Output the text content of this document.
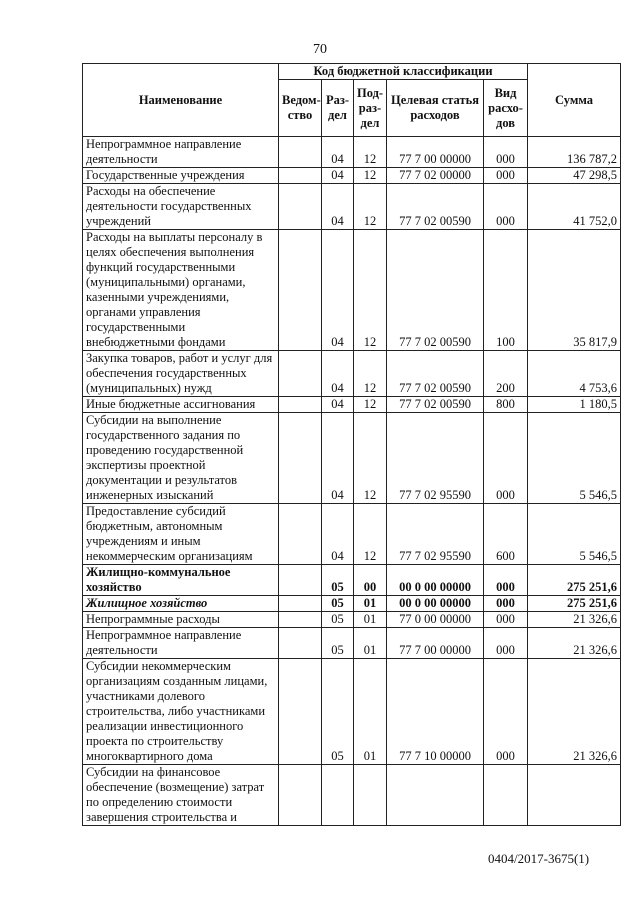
70
Наименование	Код бюджетной классификации					Сумма
	Ведом-ство	Раз-дел	Под-раз-дел	Целевая статья расходов	Вид расхо-дов	
Непрограммное направление деятельности		04	12	77 7 00 00000	000	136 787,2
Государственные учреждения		04	12	77 7 02 00000	000	47 298,5
Расходы на обеспечение деятельности государственных учреждений		04	12	77 7 02 00590	000	41 752,0
Расходы на выплаты персоналу в целях обеспечения выполнения функций государственными (муниципальными) органами, казенными учреждениями, органами управления государственными внебюджетными фондами		04	12	77 7 02 00590	100	35 817,9
Закупка товаров, работ и услуг для обеспечения государственных (муниципальных) нужд		04	12	77 7 02 00590	200	4 753,6
Иные бюджетные ассигнования		04	12	77 7 02 00590	800	1 180,5
Субсидии на выполнение государственного задания по проведению государственной экспертизы проектной документации и результатов инженерных изысканий		04	12	77 7 02 95590	000	5 546,5
Предоставление субсидий бюджетным, автономным учреждениям и иным некоммерческим организациям		04	12	77 7 02 95590	600	5 546,5
Жилищно-коммунальное хозяйство		05	00	00 0 00 00000	000	275 251,6
Жилищное хозяйство		05	01	00 0 00 00000	000	275 251,6
Непрограммные расходы		05	01	77 0 00 00000	000	21 326,6
Непрограммное направление деятельности		05	01	77 7 00 00000	000	21 326,6
Субсидии некоммерческим организациям созданным лицами, участниками долевого строительства, либо участниками реализации инвестиционного проекта по строительству многоквартирного дома		05	01	77 7 10 00000	000	21 326,6
Субсидии на финансовое обеспечение (возмещение) затрат по определению стоимости завершения строительства и						
0404/2017-3675(1)
